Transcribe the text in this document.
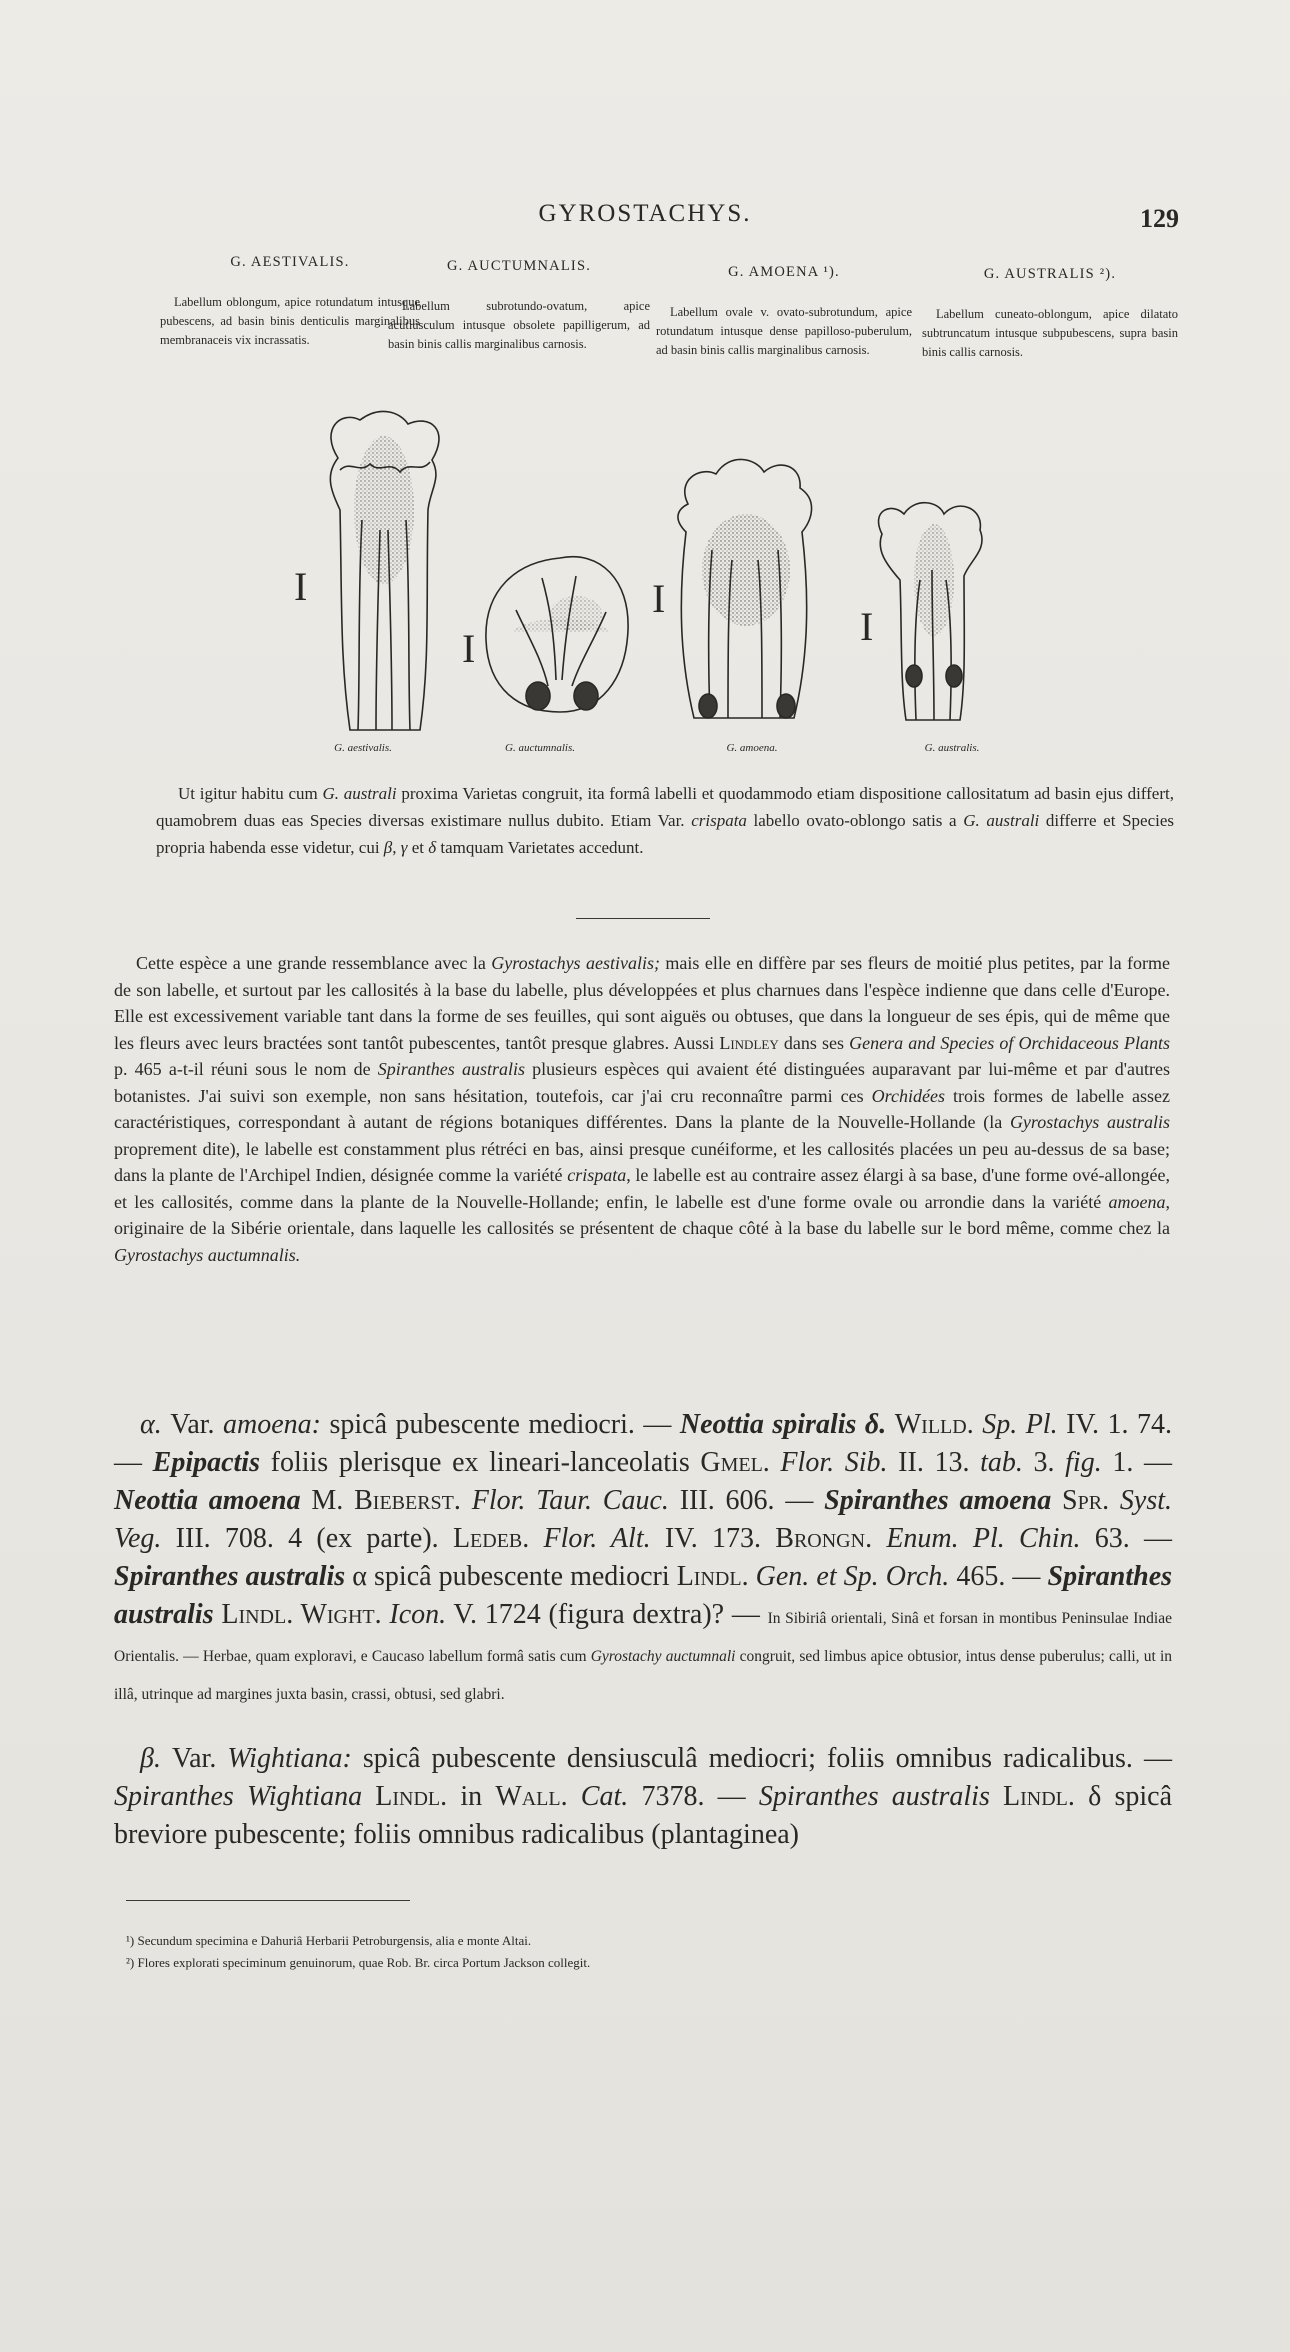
GYROSTACHYS.	129
G. AESTIVALIS.

Labellum oblongum, apice rotundatum intusque pubescens, ad basin binis denticulis marginalibus membranaceis vix incrassatis.

G. AUCTUMNALIS.

Labellum subrotundo-ovatum, apice acutiusculum intusque obsolete papilligerum, ad basin binis callis marginalibus carnosis.

G. AMOENA ¹).

Labellum ovale v. ovato-subrotundum, apice rotundatum intusque dense papilloso-puberulum, ad basin binis callis marginalibus carnosis.

G. AUSTRALIS ²).

Labellum cuneato-oblongum, apice dilatato subtruncatum intusque subpubescens, supra basin binis callis carnosis.

I
I
I
I
G. aestivalis.	G. auctumnalis.	G. amoena.	G. australis.
Ut igitur habitu cum G. australi proxima Varietas congruit, ita formâ labelli et quodammodo etiam dispositione callositatum ad basin ejus differt, quamobrem duas eas Species diversas existimare nullus dubito. Etiam Var. crispata labello ovato-oblongo satis a G. australi differre et Species propria habenda esse videtur, cui β, γ et δ tamquam Varietates accedunt.
Cette espèce a une grande ressemblance avec la Gyrostachys aestivalis; mais elle en diffère par ses fleurs de moitié plus petites, par la forme de son labelle, et surtout par les callosités à la base du labelle, plus développées et plus charnues dans l'espèce indienne que dans celle d'Europe. Elle est excessivement variable tant dans la forme de ses feuilles, qui sont aiguës ou obtuses, que dans la longueur de ses épis, qui de même que les fleurs avec leurs bractées sont tantôt pubescentes, tantôt presque glabres. Aussi Lindley dans ses Genera and Species of Orchidaceous Plants p. 465 a-t-il réuni sous le nom de Spiranthes australis plusieurs espèces qui avaient été distinguées auparavant par lui-même et par d'autres botanistes. J'ai suivi son exemple, non sans hésitation, toutefois, car j'ai cru reconnaître parmi ces Orchidées trois formes de labelle assez caractéristiques, correspondant à autant de régions botaniques différentes. Dans la plante de la Nouvelle-Hollande (la Gyrostachys australis proprement dite), le labelle est constamment plus rétréci en bas, ainsi presque cunéiforme, et les callosités placées un peu au-dessus de sa base; dans la plante de l'Archipel Indien, désignée comme la variété crispata, le labelle est au contraire assez élargi à sa base, d'une forme ové-allongée, et les callosités, comme dans la plante de la Nouvelle-Hollande; enfin, le labelle est d'une forme ovale ou arrondie dans la variété amoena, originaire de la Sibérie orientale, dans laquelle les callosités se présentent de chaque côté à la base du labelle sur le bord même, comme chez la Gyrostachys auctumnalis.
α. Var. amoena: spicâ pubescente mediocri. — Neottia spiralis δ. Willd. Sp. Pl. IV. 1. 74. — Epipactis foliis plerisque ex lineari-lanceolatis Gmel. Flor. Sib. II. 13. tab. 3. fig. 1. — Neottia amoena M. Bieberst. Flor. Taur. Cauc. III. 606. — Spiranthes amoena Spr. Syst. Veg. III. 708. 4 (ex parte). Ledeb. Flor. Alt. IV. 173. Brongn. Enum. Pl. Chin. 63. — Spiranthes australis α spicâ pubescente mediocri Lindl. Gen. et Sp. Orch. 465. — Spiranthes australis Lindl. Wight. Icon. V. 1724 (figura dextra)? — In Sibiriâ orientali, Sinâ et forsan in montibus Peninsulae Indiae Orientalis. — Herbae, quam exploravi, e Caucaso labellum formâ satis cum Gyrostachy auctumnali congruit, sed limbus apice obtusior, intus dense puberulus; calli, ut in illâ, utrinque ad margines juxta basin, crassi, obtusi, sed glabri.
β. Var. Wightiana: spicâ pubescente densiusculâ mediocri; foliis omnibus radicalibus. — Spiranthes Wightiana Lindl. in Wall. Cat. 7378. — Spiranthes australis Lindl. δ spicâ breviore pubescente; foliis omnibus radicalibus (plantaginea)

¹) Secundum specimina e Dahuriâ Herbarii Petroburgensis, alia e monte Altai.

²) Flores explorati speciminum genuinorum, quae Rob. Br. circa Portum Jackson collegit.
